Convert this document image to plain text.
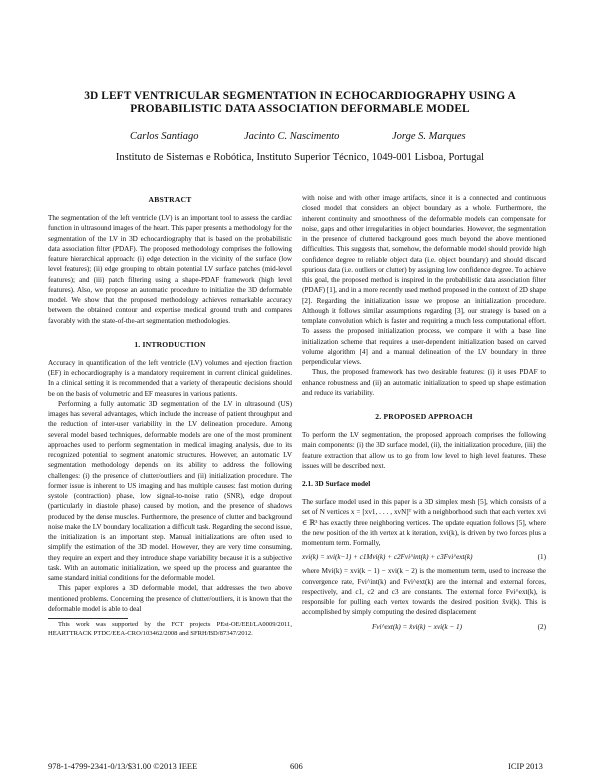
3D LEFT VENTRICULAR SEGMENTATION IN ECHOCARDIOGRAPHY USING A
PROBABILISTIC DATA ASSOCIATION DEFORMABLE MODEL
Carlos Santiago	Jacinto C. Nascimento	Jorge S. Marques
Instituto de Sistemas e Robótica, Instituto Superior Técnico, 1049-001 Lisboa, Portugal
ABSTRACT

The segmentation of the left ventricle (LV) is an important tool to assess the cardiac function in ultrasound images of the heart. This paper presents a methodology for the segmentation of the LV in 3D echocardiography that is based on the probabilistic data association filter (PDAF). The proposed methodology comprises the following feature hierarchical approach: (i) edge detection in the vicinity of the surface (low level features); (ii) edge grouping to obtain potential LV surface patches (mid-level features); and (iii) patch filtering using a shape-PDAF framework (high level features). Also, we propose an automatic procedure to initialize the 3D deformable model. We show that the proposed methodology achieves remarkable accuracy between the obtained contour and expertise medical ground truth and compares favorably with the state-of-the-art segmentation methodologies.

1. INTRODUCTION

Accuracy in quantification of the left ventricle (LV) volumes and ejection fraction (EF) in echocardiography is a mandatory requirement in current clinical guidelines. In a clinical setting it is recommended that a variety of therapeutic decisions should be on the basis of volumetric and EF measures in various patients.

Performing a fully automatic 3D segmentation of the LV in ultrasound (US) images has several advantages, which include the increase of patient throughput and the reduction of inter-user variability in the LV delineation procedure. Among several model based techniques, deformable models are one of the most prominent approaches used to perform segmentation in medical imaging analysis, due to its recognized potential to segment anatomic structures. However, an automatic LV segmentation methodology depends on its ability to address the following challenges: (i) the presence of clutter/outliers and (ii) initialization procedure. The former issue is inherent to US imaging and has multiple causes: fast motion during systole (contraction) phase, low signal-to-noise ratio (SNR), edge dropout (particularly in diastole phase) caused by motion, and the presence of shadows produced by the dense muscles. Furthermore, the presence of clutter and background noise make the LV boundary localization a difficult task. Regarding the second issue, the initialization is an important step. Manual initializations are often used to simplify the estimation of the 3D model. However, they are very time consuming, they require an expert and they introduce shape variability because it is a subjective task. With an automatic initialization, we speed up the process and guarantee the same standard initial conditions for the deformable model.

This paper explores a 3D deformable model, that addresses the two above mentioned problems. Concerning the presence of clutter/outliers, it is known that the deformable model is able to deal

This work was supported by the FCT projects PEst-OE/EEI/LA0009/2011, HEARTTRACK PTDC/EEA-CRO/103462/2008 and SFRH/BD/87347/2012.

with noise and with other image artifacts, since it is a connected and continuous closed model that considers an object boundary as a whole. Furthermore, the inherent continuity and smoothness of the deformable models can compensate for noise, gaps and other irregularities in object boundaries. However, the segmentation in the presence of cluttered background goes much beyond the above mentioned difficulties. This suggests that, somehow, the deformable model should provide high confidence degree to reliable object data (i.e. object boundary) and should discard spurious data (i.e. outliers or clutter) by assigning low confidence degree. To achieve this goal, the proposed method is inspired in the probabilistic data association filter (PDAF) [1], and in a more recently used method proposed in the context of 2D shape [2]. Regarding the initialization issue we propose an initialization procedure. Although it follows similar assumptions regarding [3], our strategy is based on a template convolution which is faster and requiring a much less computational effort. To assess the proposed initialization process, we compare it with a base line initialization scheme that requires a user-dependent initialization based on carved volume algorithm [4] and a manual delineation of the LV boundary in three perpendicular views.

Thus, the proposed framework has two desirable features: (i) it uses PDAF to enhance robustness and (ii) an automatic initialization to speed up shape estimation and reduce its variability.

2. PROPOSED APPROACH

To perform the LV segmentation, the proposed approach comprises the following main components: (i) the 3D surface model, (ii), the initialization procedure, (iii) the feature extraction that allow us to go from low level to high level features. These issues will be described next.

2.1. 3D Surface model

The surface model used in this paper is a 3D simplex mesh [5], which consists of a set of N vertices x = [xv1, . . . , xvN]ᵀ with a neighborhood such that each vertex xvi ∈ ℝ³ has exactly three neighboring vertices. The update equation follows [5], where the new position of the ith vertex at k iteration, xvi(k), is driven by two forces plus a momentum term. Formally,

xvi(k) = xvi(k−1) + c1Mvi(k) + c2Fvi^int(k) + c3Fvi^ext(k)	(1)

where Mvi(k) = xvi(k − 1) − xvi(k − 2) is the momentum term, used to increase the convergence rate, Fvi^int(k) and Fvi^ext(k) are the internal and external forces, respectively, and c1, c2 and c3 are constants. The external force Fvi^ext(k), is responsible for pulling each vertex towards the desired position x̂vi(k). This is accomplished by simply computing the desired displacement

Fvi^ext(k) = x̂vi(k) − xvi(k − 1)	(2)
978-1-4799-2341-0/13/$31.00 ©2013 IEEE	606	ICIP 2013
